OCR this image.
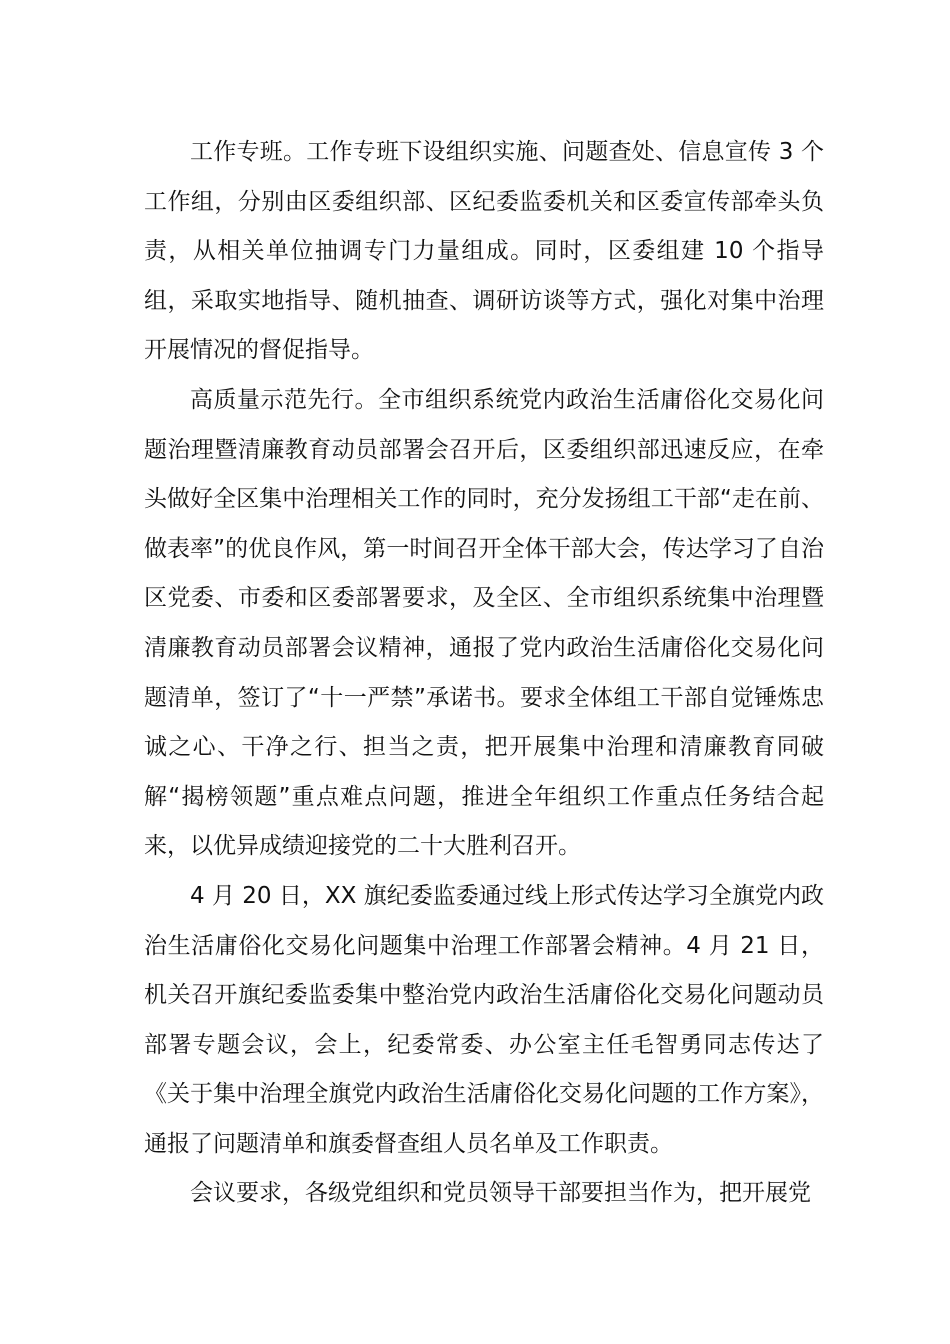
工作专班。工作专班下设组织实施、问题查处、信息宣传 3 个工作组，分别由区委组织部、区纪委监委机关和区委宣传部牵头负责，从相关单位抽调专门力量组成。同时，区委组建 10 个指导组，采取实地指导、随机抽查、调研访谈等方式，强化对集中治理开展情况的督促指导。

高质量示范先行。全市组织系统党内政治生活庸俗化交易化问题治理暨清廉教育动员部署会召开后，区委组织部迅速反应，在牵头做好全区集中治理相关工作的同时，充分发扬组工干部“走在前、做表率”的优良作风，第一时间召开全体干部大会，传达学习了自治区党委、市委和区委部署要求，及全区、全市组织系统集中治理暨清廉教育动员部署会议精神，通报了党内政治生活庸俗化交易化问题清单，签订了“十一严禁”承诺书。要求全体组工干部自觉锤炼忠诚之心、干净之行、担当之责，把开展集中治理和清廉教育同破解“揭榜领题”重点难点问题，推进全年组织工作重点任务结合起来，以优异成绩迎接党的二十大胜利召开。

4 月 20 日，XX 旗纪委监委通过线上形式传达学习全旗党内政治生活庸俗化交易化问题集中治理工作部署会精神。4 月 21 日，机关召开旗纪委监委集中整治党内政治生活庸俗化交易化问题动员部署专题会议，会上，纪委常委、办公室主任毛智勇同志传达了《关于集中治理全旗党内政治生活庸俗化交易化问题的工作方案》，通报了问题清单和旗委督查组人员名单及工作职责。

会议要求，各级党组织和党员领导干部要担当作为，把开展党
